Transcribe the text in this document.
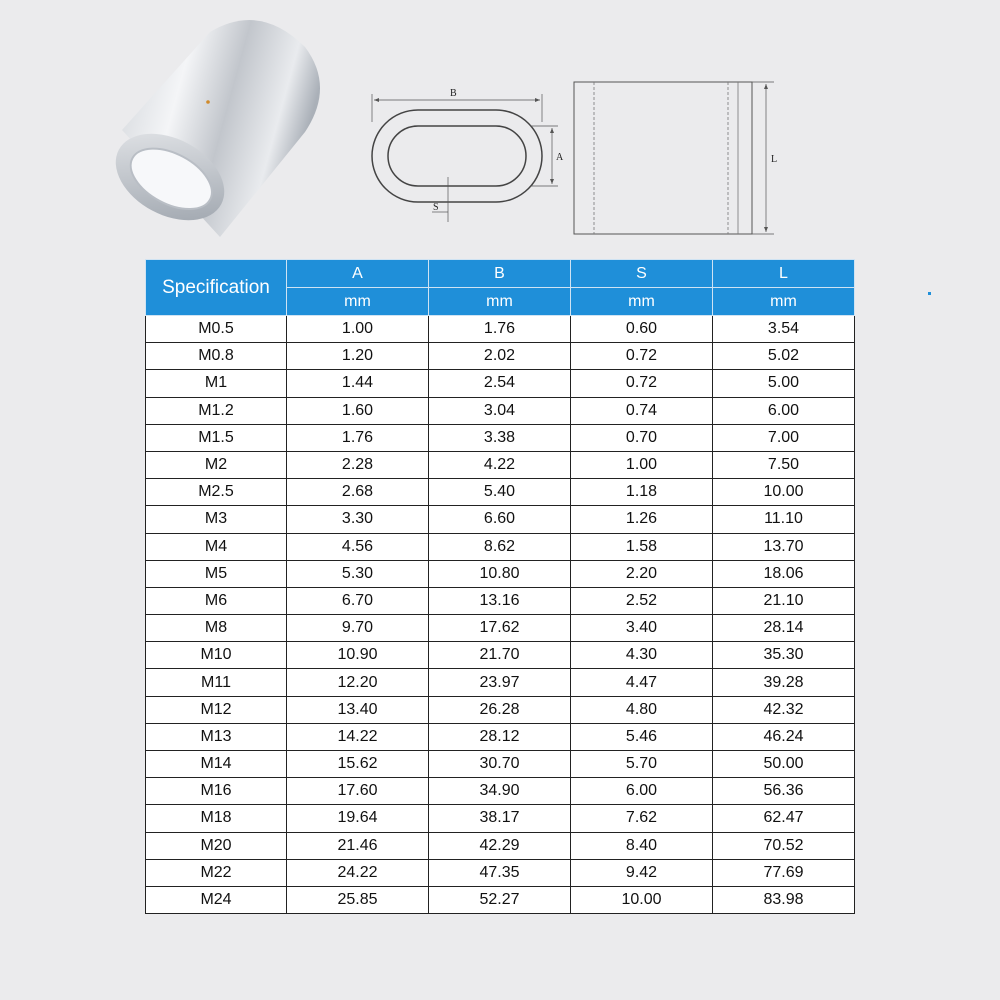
B
A
S
L
Specification	A	B	S	L
	mm	mm	mm	mm
M0.5	1.00	1.76	0.60	3.54
M0.8	1.20	2.02	0.72	5.02
M1	1.44	2.54	0.72	5.00
M1.2	1.60	3.04	0.74	6.00
M1.5	1.76	3.38	0.70	7.00
M2	2.28	4.22	1.00	7.50
M2.5	2.68	5.40	1.18	10.00
M3	3.30	6.60	1.26	11.10
M4	4.56	8.62	1.58	13.70
M5	5.30	10.80	2.20	18.06
M6	6.70	13.16	2.52	21.10
M8	9.70	17.62	3.40	28.14
M10	10.90	21.70	4.30	35.30
M11	12.20	23.97	4.47	39.28
M12	13.40	26.28	4.80	42.32
M13	14.22	28.12	5.46	46.24
M14	15.62	30.70	5.70	50.00
M16	17.60	34.90	6.00	56.36
M18	19.64	38.17	7.62	62.47
M20	21.46	42.29	8.40	70.52
M22	24.22	47.35	9.42	77.69
M24	25.85	52.27	10.00	83.98
